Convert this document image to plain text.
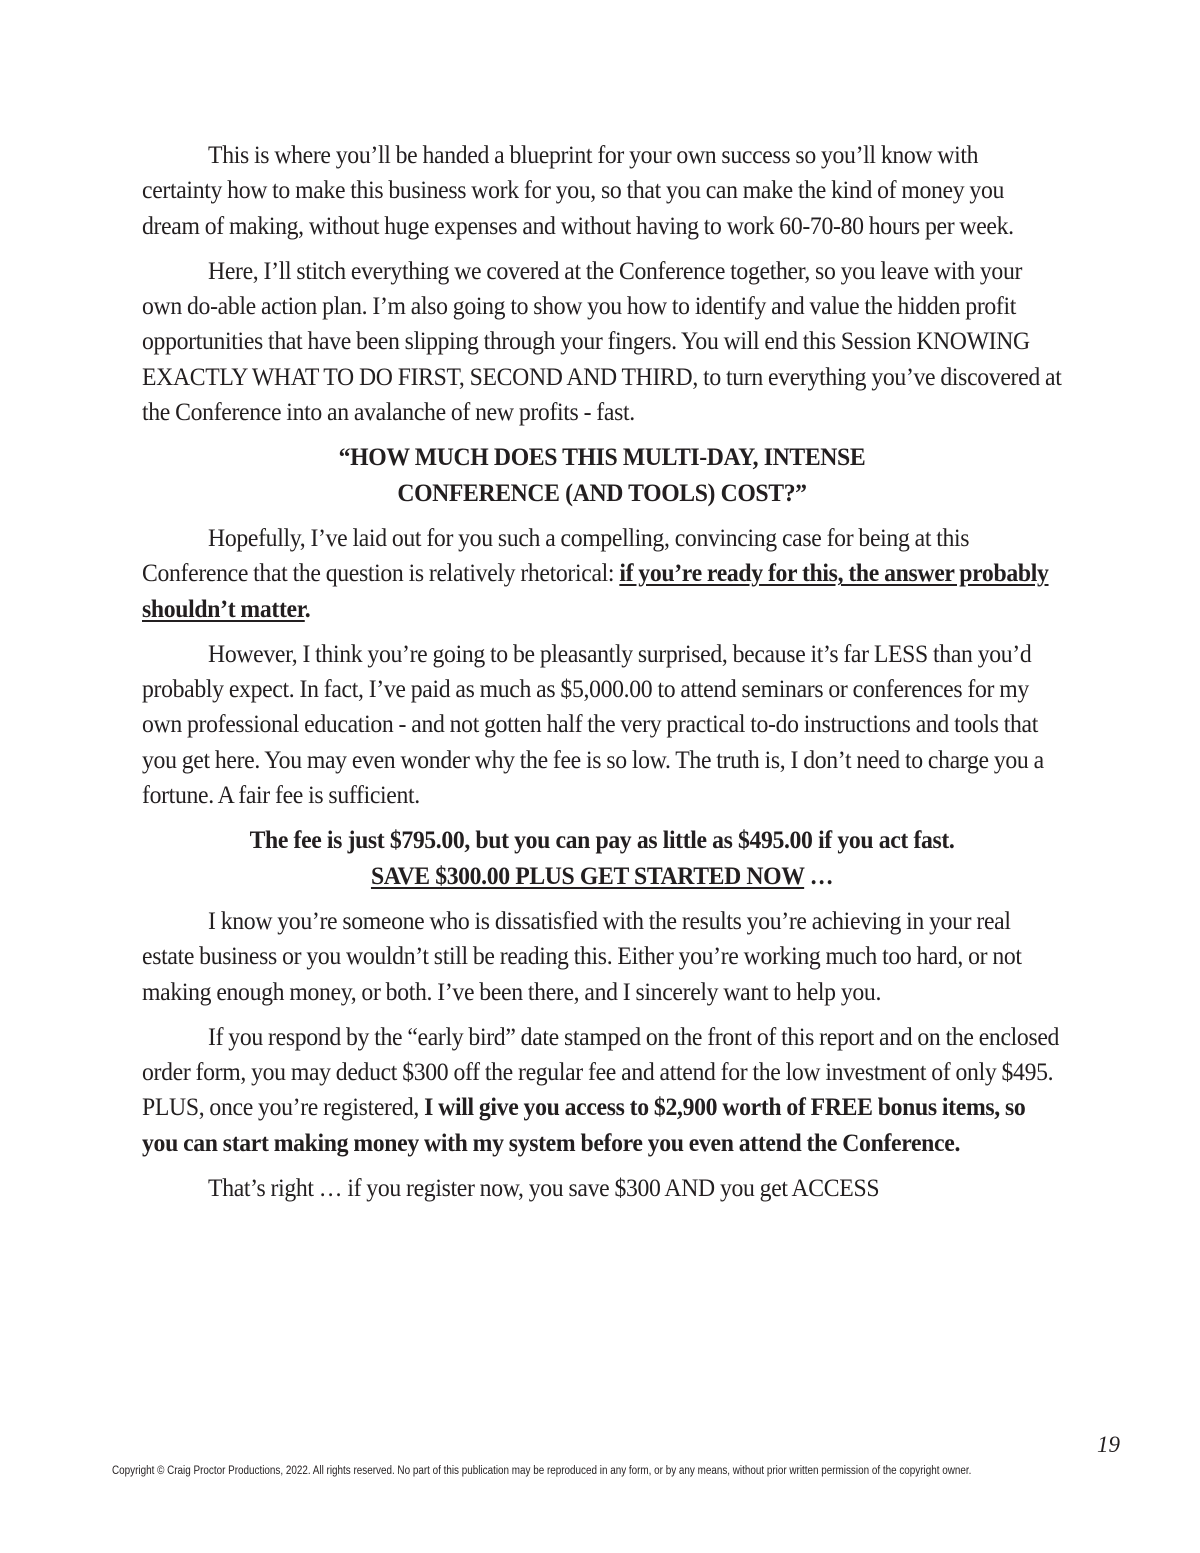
This is where you’ll be handed a blueprint for your own success so you’ll know with certainty how to make this business work for you, so that you can make the kind of money you dream of making, without huge expenses and without having to work 60-70-80 hours per week.

Here, I’ll stitch everything we covered at the Conference together, so you leave with your own do-able action plan. I’m also going to show you how to identify and value the hidden profit opportunities that have been slipping through your fingers. You will end this Session KNOWING EXACTLY WHAT TO DO FIRST, SECOND AND THIRD, to turn everything you’ve discovered at the Conference into an avalanche of new profits - fast.

“HOW MUCH DOES THIS MULTI-DAY, INTENSE
CONFERENCE (AND TOOLS) COST?”

Hopefully, I’ve laid out for you such a compelling, convincing case for being at this Conference that the question is relatively rhetorical: if you’re ready for this, the answer probably shouldn’t matter.

However, I think you’re going to be pleasantly surprised, because it’s far LESS than you’d probably expect. In fact, I’ve paid as much as $5,000.00 to attend seminars or conferences for my own professional education - and not gotten half the very practical to-do instructions and tools that you get here. You may even wonder why the fee is so low. The truth is, I don’t need to charge you a fortune. A fair fee is sufficient.

The fee is just $795.00, but you can pay as little as $495.00 if you act fast.
SAVE $300.00 PLUS GET STARTED NOW …

I know you’re someone who is dissatisfied with the results you’re achieving in your real estate business or you wouldn’t still be reading this. Either you’re working much too hard, or not making enough money, or both. I’ve been there, and I sincerely want to help you.

If you respond by the “early bird” date stamped on the front of this report and on the enclosed order form, you may deduct $300 off the regular fee and attend for the low investment of only $495. PLUS, once you’re registered, I will give you access to $2,900 worth of FREE bonus items, so you can start making money with my system before you even attend the Conference.

That’s right … if you register now, you save $300 AND you get ACCESS

19
Copyright © Craig Proctor Productions, 2022. All rights reserved. No part of this publication may be reproduced in any form, or by any means, without prior written permission of the copyright owner.
